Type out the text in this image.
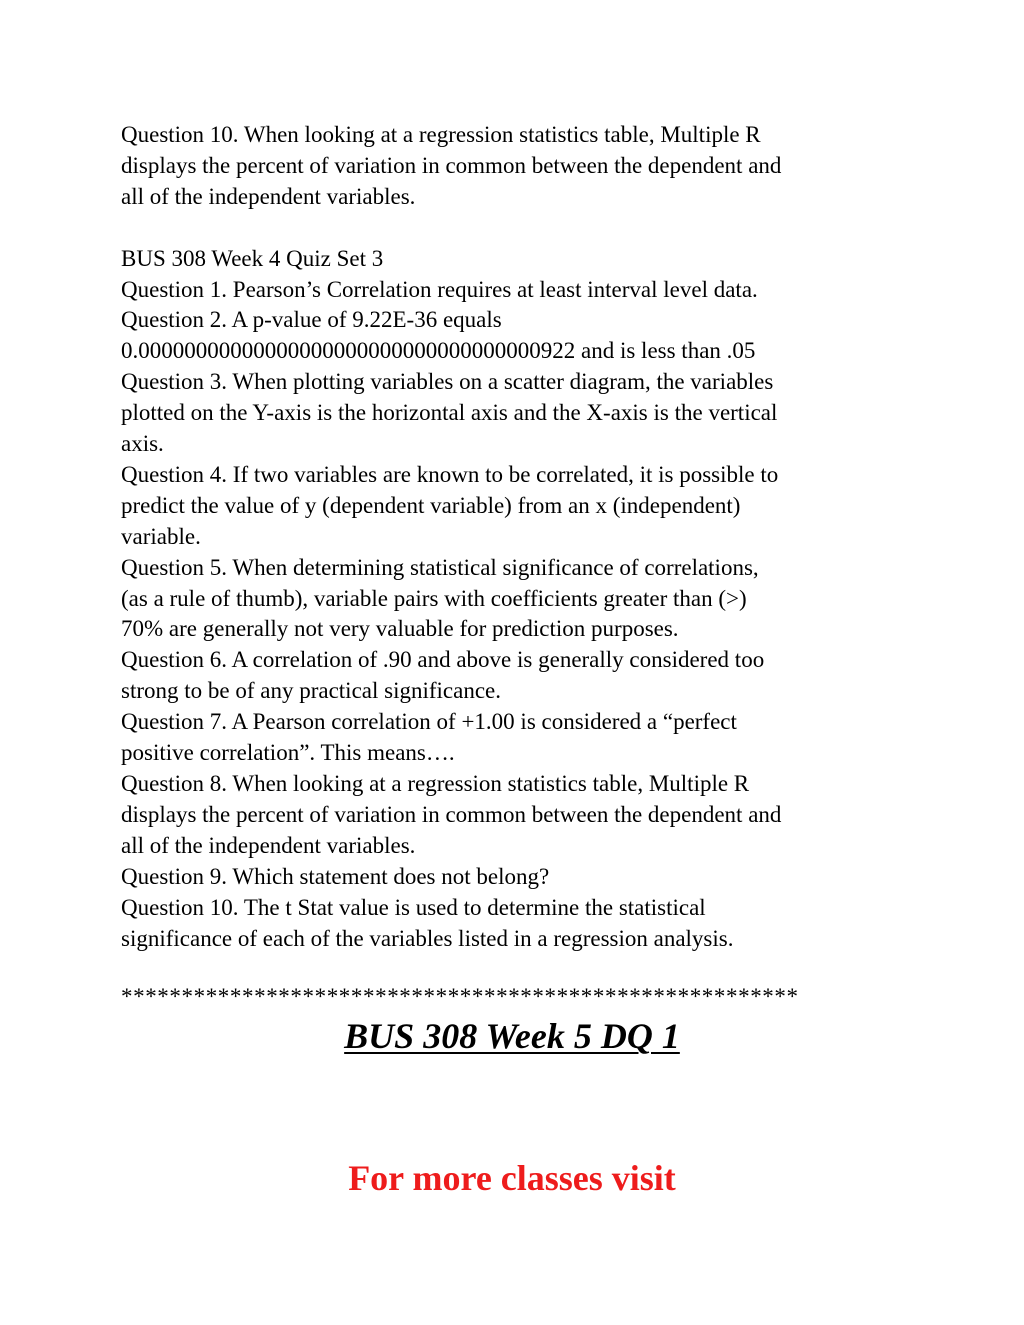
Question 10. When looking at a regression statistics table, Multiple R
displays the percent of variation in common between the dependent and
all of the independent variables.
BUS 308 Week 4 Quiz Set 3
Question 1. Pearson’s Correlation requires at least interval level data.
Question 2. A p-value of 9.22E-36 equals
0.00000000000000000000000000000000000922 and is less than .05
Question 3. When plotting variables on a scatter diagram, the variables
plotted on the Y-axis is the horizontal axis and the X-axis is the vertical
axis.
Question 4. If two variables are known to be correlated, it is possible to
predict the value of y (dependent variable) from an x (independent)
variable.
Question 5. When determining statistical significance of correlations,
(as a rule of thumb), variable pairs with coefficients greater than (>)
70% are generally not very valuable for prediction purposes.
Question 6. A correlation of .90 and above is generally considered too
strong to be of any practical significance.
Question 7. A Pearson correlation of +1.00 is considered a “perfect
positive correlation”. This means….
Question 8. When looking at a regression statistics table, Multiple R
displays the percent of variation in common between the dependent and
all of the independent variables.
Question 9. Which statement does not belong?
Question 10. The t Stat value is used to determine the statistical
significance of each of the variables listed in a regression analysis.
********************************************************
BUS 308 Week 5 DQ 1
For more classes visit
